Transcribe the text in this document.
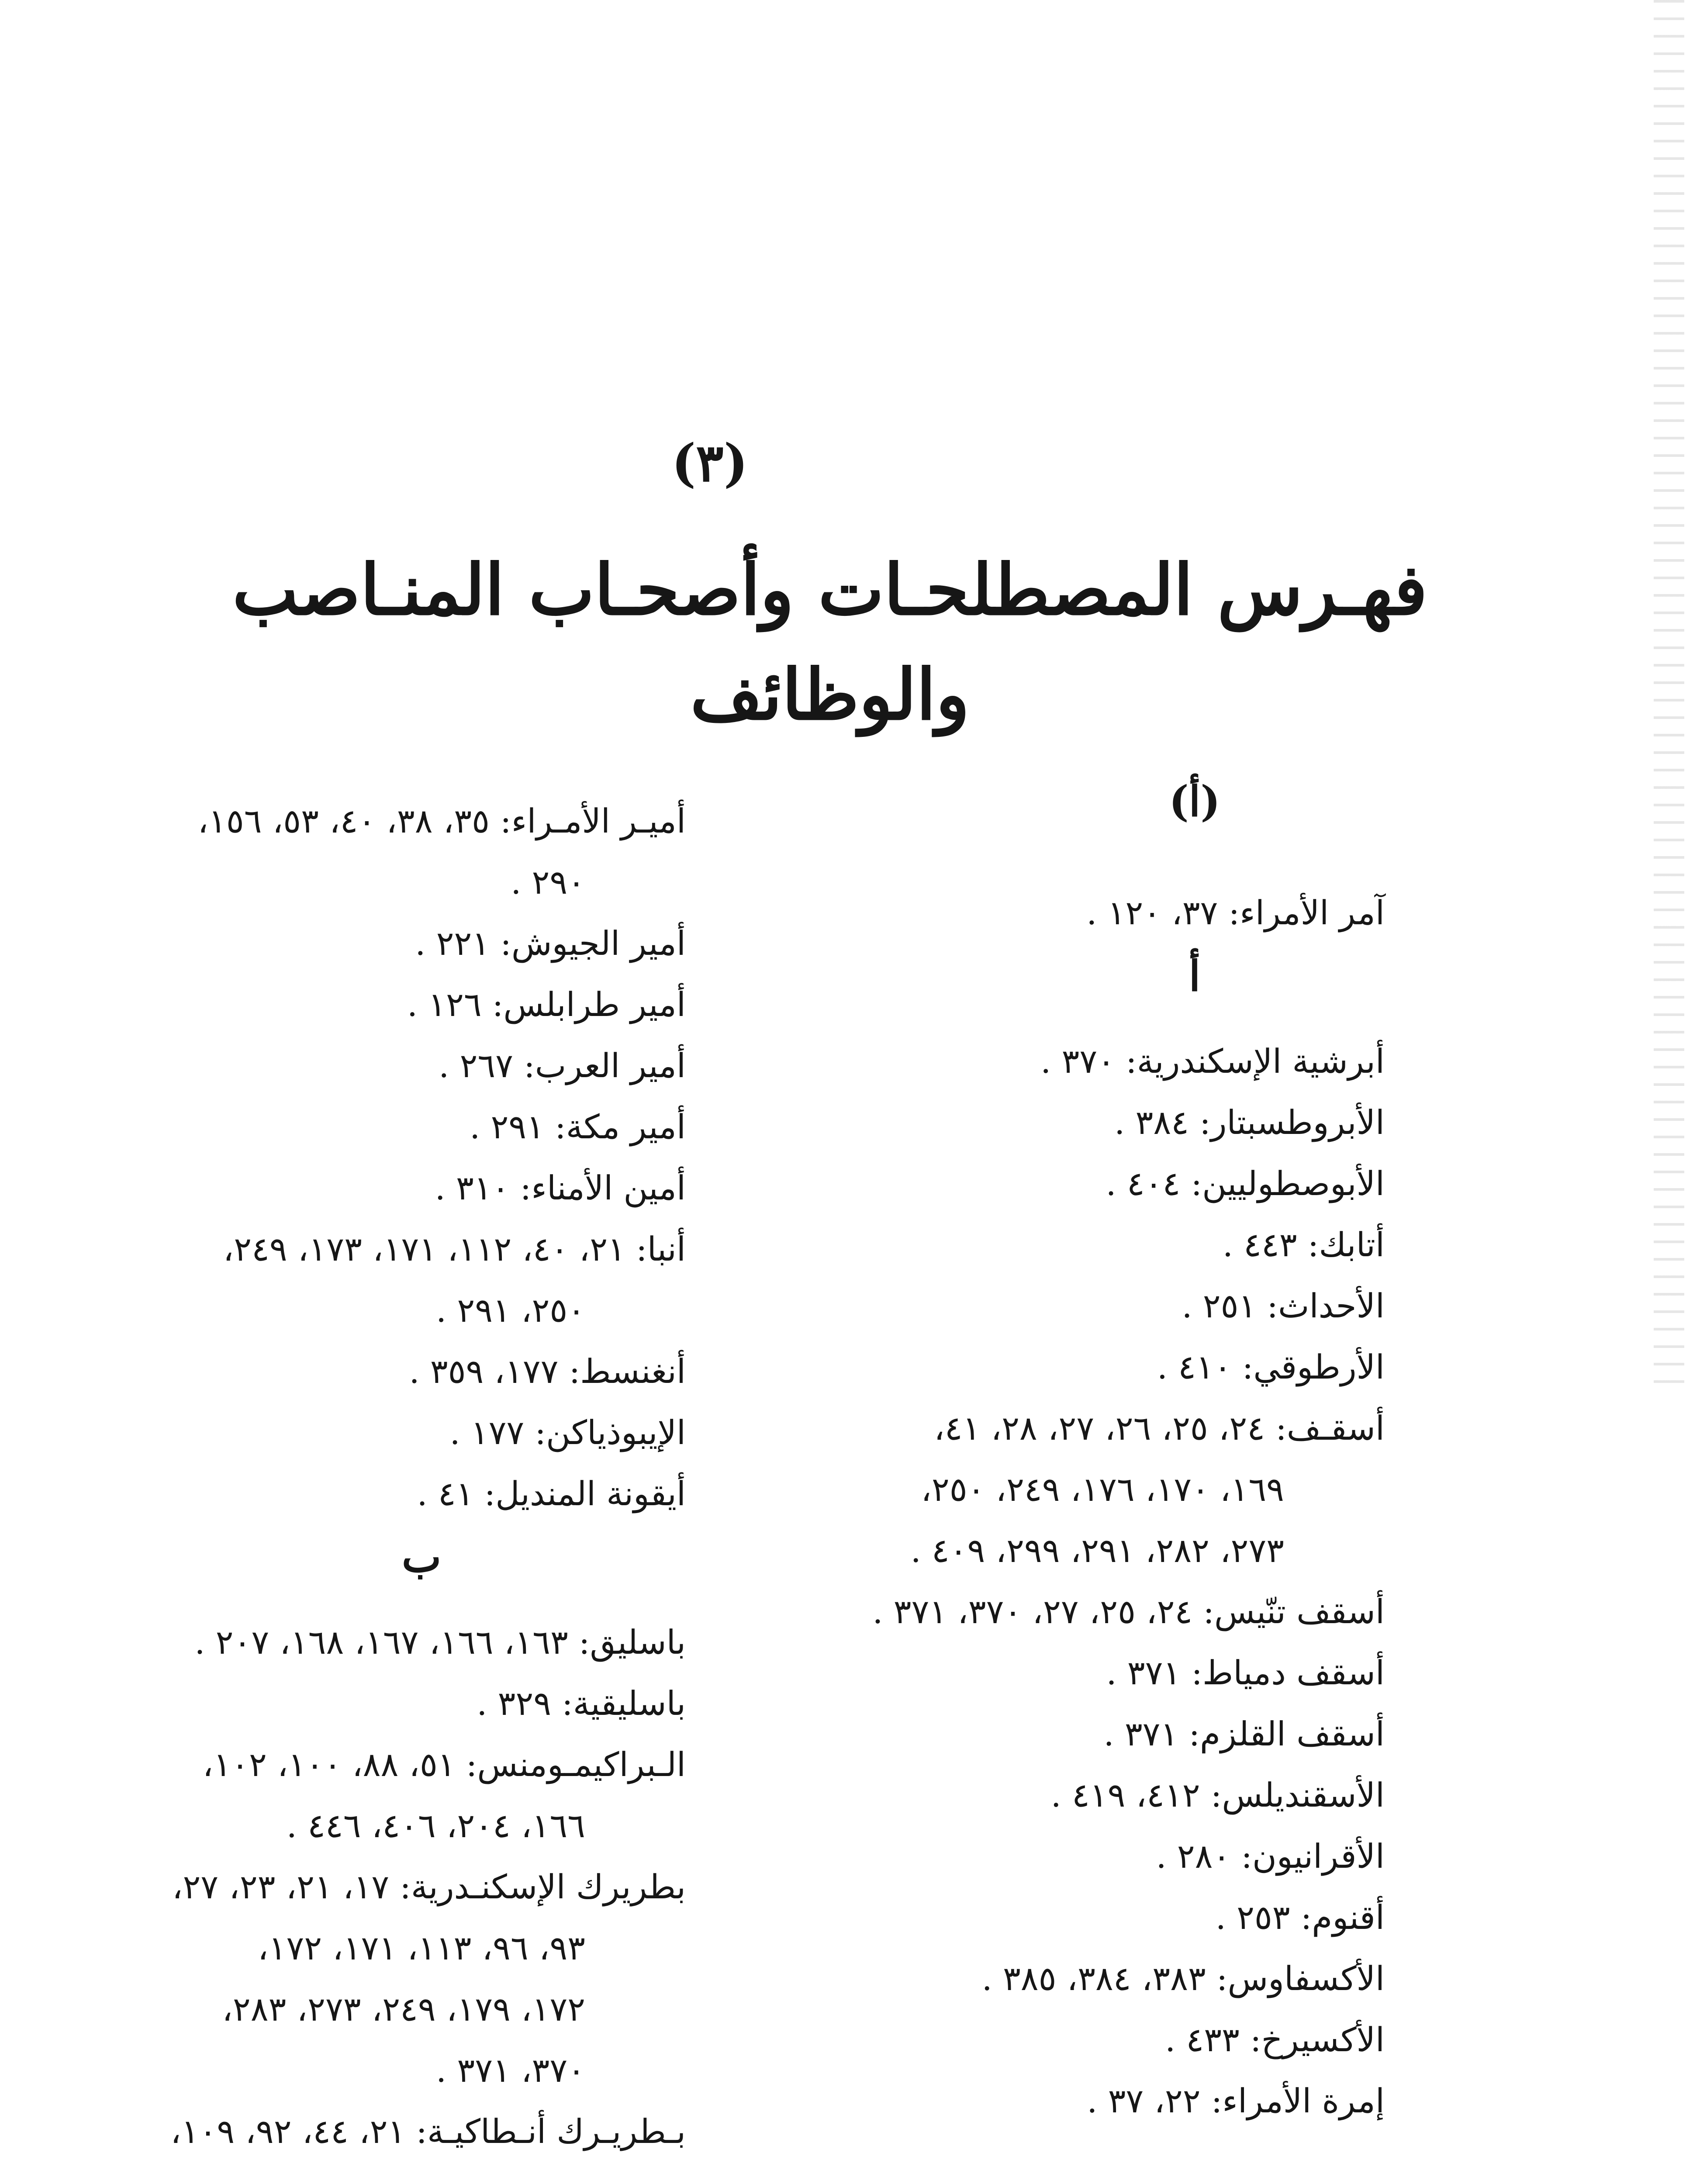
(٣)
فهـرس المصطلحـات وأصحـاب المنـاصب
والوظائف
(أ)
آمر الأمراء: ٣٧، ١٢٠ .
أ
أبرشية الإسكندرية: ٣٧٠ .
الأبروطسبتار: ٣٨٤ .
الأبوصطوليين: ٤٠٤ .
أتابك: ٤٤٣ .
الأحداث: ٢٥١ .
الأرطوقي: ٤١٠ .
أسقـف: ٢٤، ٢٥، ٢٦، ٢٧، ٢٨، ٤١،
١٦٩، ١٧٠، ١٧٦، ٢٤٩، ٢٥٠،
٢٧٣، ٢٨٢، ٢٩١، ٢٩٩، ٤٠٩ .
أسقف تنّيس: ٢٤، ٢٥، ٢٧، ٣٧٠، ٣٧١ .
أسقف دمياط: ٣٧١ .
أسقف القلزم: ٣٧١ .
الأسقنديلس: ٤١٢، ٤١٩ .
الأقرانيون: ٢٨٠ .
أقنوم: ٢٥٣ .
الأكسفاوس: ٣٨٣، ٣٨٤، ٣٨٥ .
الأكسيرخ: ٤٣٣ .
إمرة الأمراء: ٢٢، ٣٧ .
أميـر الأمـراء: ٣٥، ٣٨، ٤٠، ٥٣، ١٥٦،
٢٩٠ .
أمير الجيوش: ٢٢١ .
أمير طرابلس: ١٢٦ .
أمير العرب: ٢٦٧ .
أمير مكة: ٢٩١ .
أمين الأمناء: ٣١٠ .
أنبا: ٢١، ٤٠، ١١٢، ١٧١، ١٧٣، ٢٤٩،
٢٥٠، ٢٩١ .
أنغنسط: ١٧٧، ٣٥٩ .
الإيبوذياكن: ١٧٧ .
أيقونة المنديل: ٤١ .
ب
باسليق: ١٦٣، ١٦٦، ١٦٧، ١٦٨، ٢٠٧ .
باسليقية: ٣٢٩ .
الـبراكيمـومنس: ٥١، ٨٨، ١٠٠، ١٠٢،
١٦٦، ٢٠٤، ٤٠٦، ٤٤٦ .
بطريرك الإسكنـدرية: ١٧، ٢١، ٢٣، ٢٧،
٩٣، ٩٦، ١١٣، ١٧١، ١٧٢،
١٧٢، ١٧٩، ٢٤٩، ٢٧٣، ٢٨٣،
٣٧٠، ٣٧١ .
بـطريـرك أنـطاكيـة: ٢١، ٤٤، ٩٢، ١٠٩،
